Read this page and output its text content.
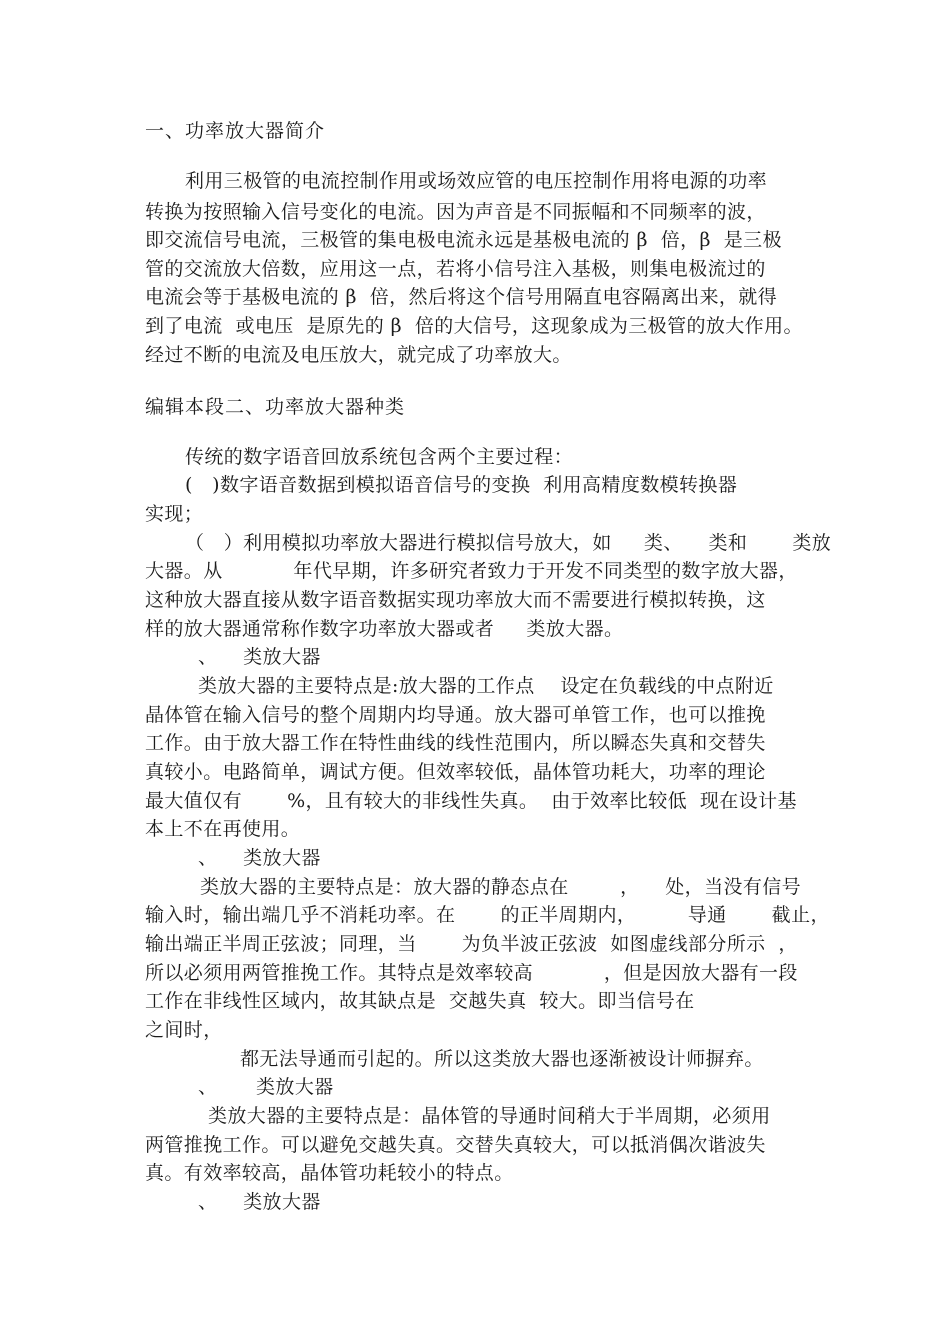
一、功率放大器简介
利用三极管的电流控制作用或场效应管的电压控制作用将电源的功率
转换为按照输入信号变化的电流。因为声音是不同振幅和不同频率的波，
即交流信号电流，三极管的集电极电流永远是基极电流的 β  倍，β  是三极
管的交流放大倍数，应用这一点，若将小信号注入基极，则集电极流过的
电流会等于基极电流的 β  倍，然后将这个信号用隔直电容隔离出来，就得
到了电流  或电压  是原先的 β  倍的大信号，这现象成为三极管的放大作用。
经过不断的电流及电压放大，就完成了功率放大。
编辑本段二、功率放大器种类
传统的数字语音回放系统包含两个主要过程：
(   )数字语音数据到模拟语音信号的变换  利用高精度数模转换器
实现；
（   ）利用模拟功率放大器进行模拟信号放大，如     类、    类和       类放
大器。从           年代早期，许多研究者致力于开发不同类型的数字放大器，
这种放大器直接从数字语音数据实现功率放大而不需要进行模拟转换，这
样的放大器通常称作数字功率放大器或者     类放大器。
、    类放大器
类放大器的主要特点是:放大器的工作点    设定在负载线的中点附近
晶体管在输入信号的整个周期内均导通。放大器可单管工作，也可以推挽
工作。由于放大器工作在特性曲线的线性范围内，所以瞬态失真和交替失
真较小。电路简单，调试方便。但效率较低，晶体管功耗大，功率的理论
最大值仅有       %，且有较大的非线性失真。  由于效率比较低  现在设计基
本上不在再使用。
、    类放大器
类放大器的主要特点是：放大器的静态点在        ，    处，当没有信号
输入时，输出端几乎不消耗功率。在       的正半周期内，        导通       截止，
输出端正半周正弦波；同理，当       为负半波正弦波  如图虚线部分所示  ，
所以必须用两管推挽工作。其特点是效率较高           ，但是因放大器有一段
工作在非线性区域内，故其缺点是  交越失真  较大。即当信号在
之间时，
都无法导通而引起的。所以这类放大器也逐渐被设计师摒弃。
、      类放大器
类放大器的主要特点是：晶体管的导通时间稍大于半周期，必须用
两管推挽工作。可以避免交越失真。交替失真较大，可以抵消偶次谐波失
真。有效率较高，晶体管功耗较小的特点。
、    类放大器
